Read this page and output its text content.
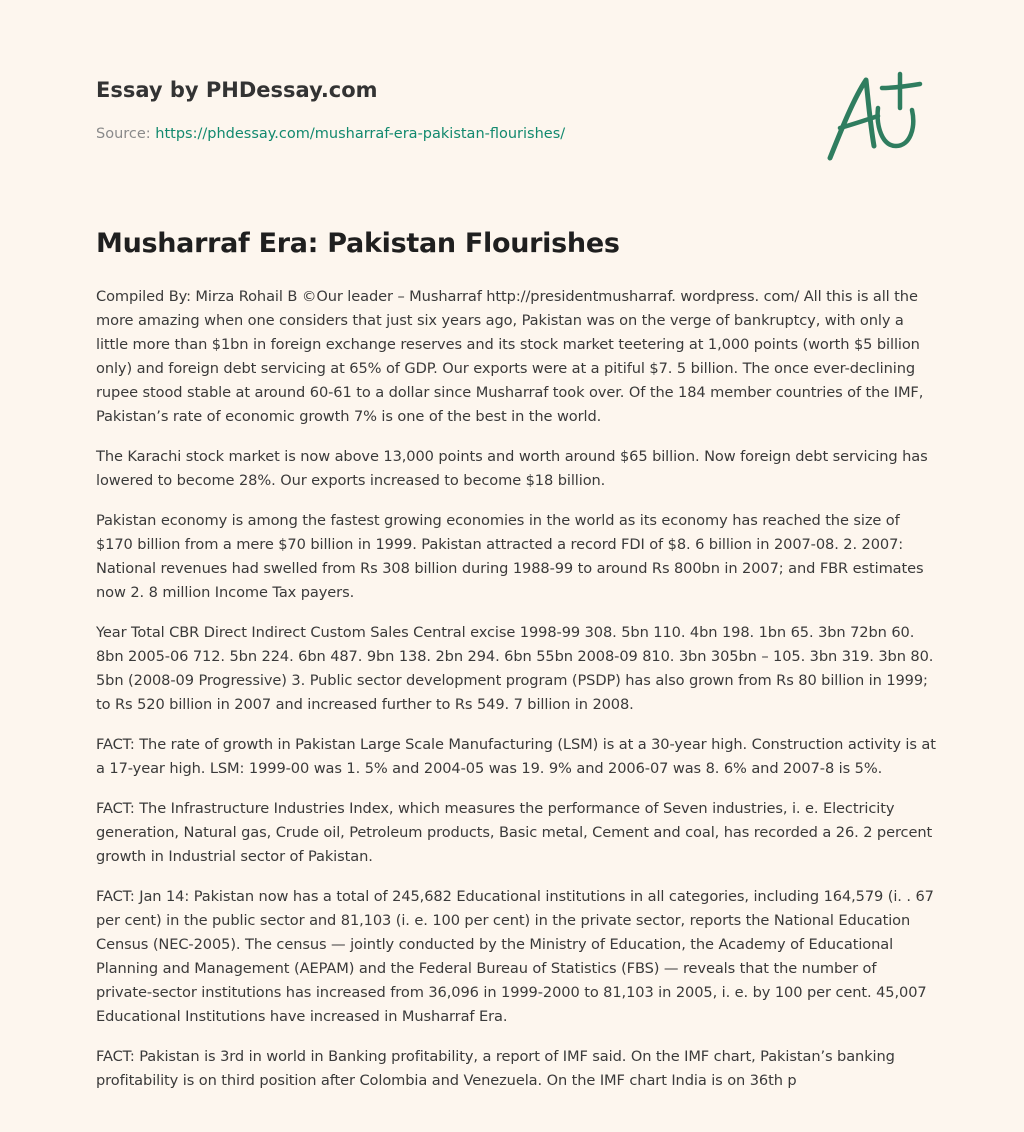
Essay by PHDessay.com
Source: https://phdessay.com/musharraf-era-pakistan-flourishes/
Musharraf Era: Pakistan Flourishes

Compiled By: Mirza Rohail B ©Our leader – Musharraf http://presidentmusharraf. wordpress. com/ All this is all the more amazing when one considers that just six years ago, Pakistan was on the verge of bankruptcy, with only a little more than $1bn in foreign exchange reserves and its stock market teetering at 1,000 points (worth $5 billion only) and foreign debt servicing at 65% of GDP. Our exports were at a pitiful $7. 5 billion. The once ever-declining rupee stood stable at around 60-61 to a dollar since Musharraf took over. Of the 184 member countries of the IMF, Pakistan’s rate of economic growth 7% is one of the best in the world.

The Karachi stock market is now above 13,000 points and worth around $65 billion. Now foreign debt servicing has lowered to become 28%. Our exports increased to become $18 billion.

Pakistan economy is among the fastest growing economies in the world as its economy has reached the size of $170 billion from a mere $70 billion in 1999. Pakistan attracted a record FDI of $8. 6 billion in 2007-08. 2. 2007: National revenues had swelled from Rs 308 billion during 1988-99 to around Rs 800bn in 2007; and FBR estimates now 2. 8 million Income Tax payers.

Year Total CBR Direct Indirect Custom Sales Central excise 1998-99 308. 5bn 110. 4bn 198. 1bn 65. 3bn 72bn 60. 8bn 2005-06 712. 5bn 224. 6bn 487. 9bn 138. 2bn 294. 6bn 55bn 2008-09 810. 3bn 305bn – 105. 3bn 319. 3bn 80. 5bn (2008-09 Progressive) 3. Public sector development program (PSDP) has also grown from Rs 80 billion in 1999; to Rs 520 billion in 2007 and increased further to Rs 549. 7 billion in 2008.

FACT: The rate of growth in Pakistan Large Scale Manufacturing (LSM) is at a 30-year high. Construction activity is at a 17-year high. LSM: 1999-00 was 1. 5% and 2004-05 was 19. 9% and 2006-07 was 8. 6% and 2007-8 is 5%.

FACT: The Infrastructure Industries Index, which measures the performance of Seven industries, i. e. Electricity generation, Natural gas, Crude oil, Petroleum products, Basic metal, Cement and coal, has recorded a 26. 2 percent growth in Industrial sector of Pakistan.

FACT: Jan 14: Pakistan now has a total of 245,682 Educational institutions in all categories, including 164,579 (i. . 67 per cent) in the public sector and 81,103 (i. e. 100 per cent) in the private sector, reports the National Education Census (NEC-2005). The census — jointly conducted by the Ministry of Education, the Academy of Educational Planning and Management (AEPAM) and the Federal Bureau of Statistics (FBS) — reveals that the number of private-sector institutions has increased from 36,096 in 1999-2000 to 81,103 in 2005, i. e. by 100 per cent. 45,007 Educational Institutions have increased in Musharraf Era.

FACT: Pakistan is 3rd in world in Banking profitability, a report of IMF said. On the IMF chart, Pakistan’s banking profitability is on third position after Colombia and Venezuela. On the IMF chart India is on 36th p
